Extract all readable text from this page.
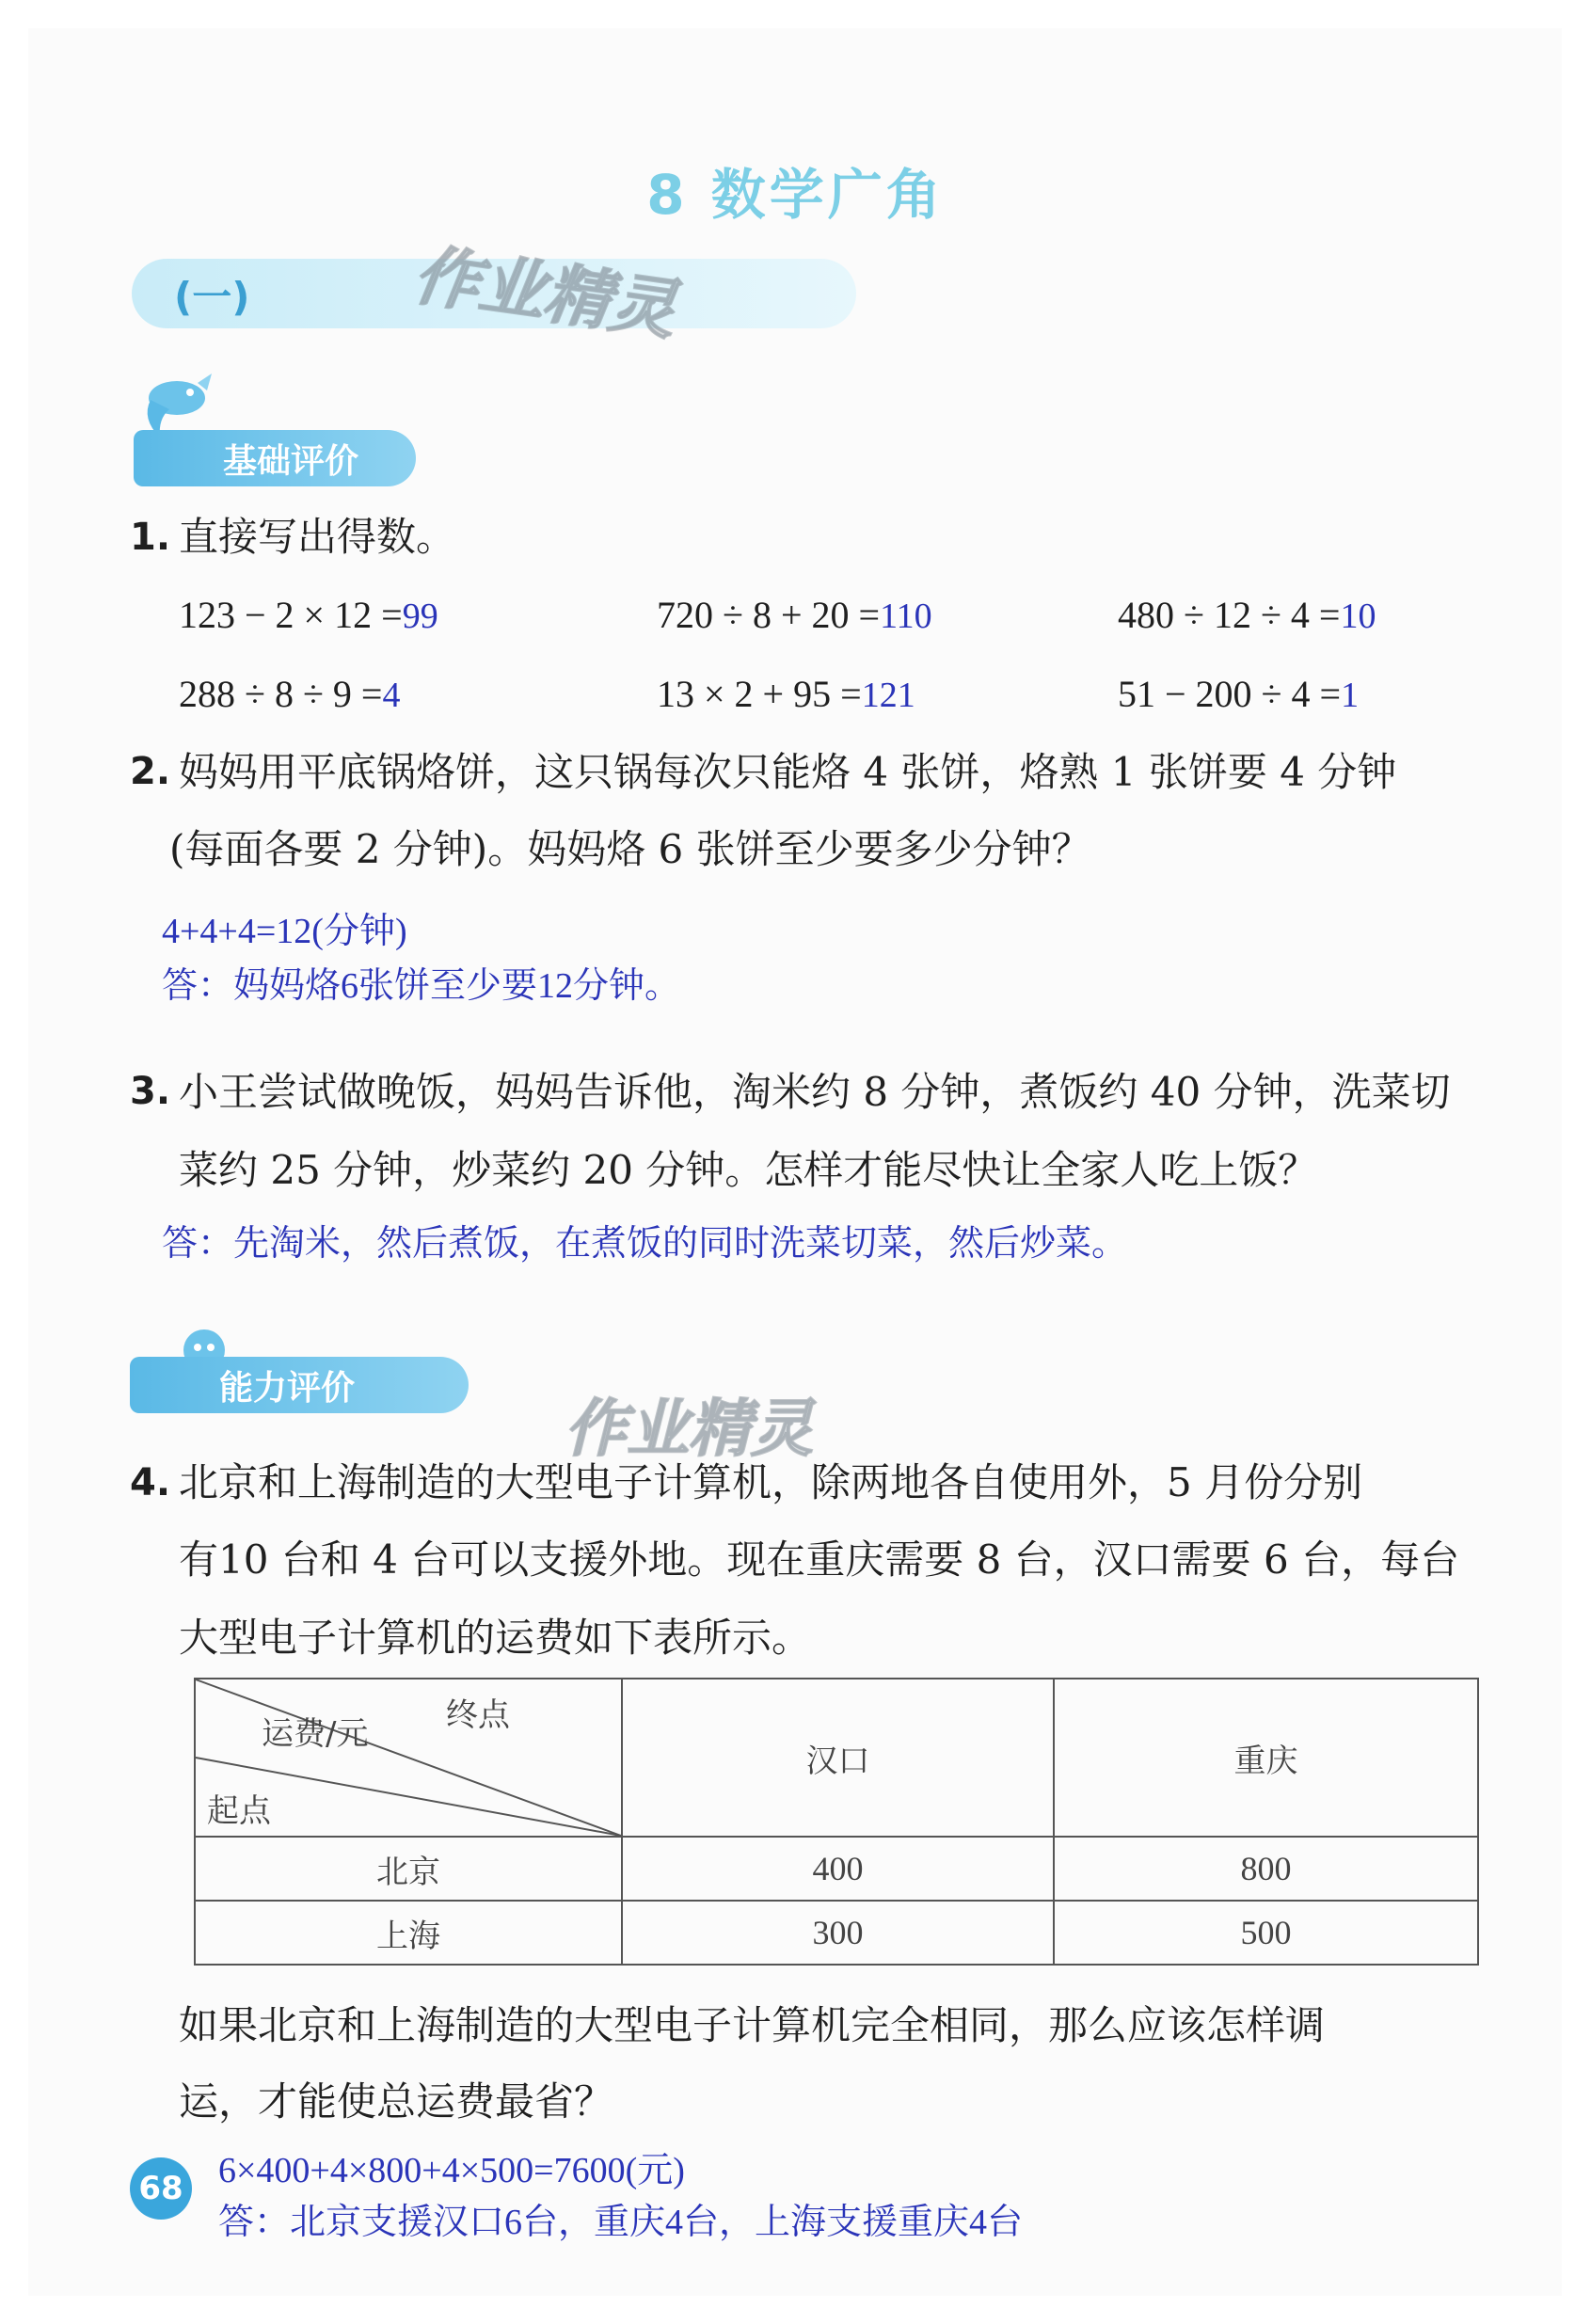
8 数学广角
(一) 作业精灵
基础评价
1. 直接写出得数。
123 − 2 × 12 =99	720 ÷ 8 + 20 =110	480 ÷ 12 ÷ 4 =10
288 ÷ 8 ÷ 9 =4	13 × 2 + 95 =121	51 − 200 ÷ 4 =1
2. 妈妈用平底锅烙饼，这只锅每次只能烙 4 张饼，烙熟 1 张饼要 4 分钟
(每面各要 2 分钟)。妈妈烙 6 张饼至少要多少分钟？
4+4+4=12(分钟)
答：妈妈烙6张饼至少要12分钟。
3. 小王尝试做晚饭，妈妈告诉他，淘米约 8 分钟，煮饭约 40 分钟，洗菜切
菜约 25 分钟，炒菜约 20 分钟。怎样才能尽快让全家人吃上饭？
答：先淘米，然后煮饭，在煮饭的同时洗菜切菜，然后炒菜。
能力评价
作业精灵
4. 北京和上海制造的大型电子计算机，除两地各自使用外，5 月份分别
有10 台和 4 台可以支援外地。现在重庆需要 8 台，汉口需要 6 台，每台
大型电子计算机的运费如下表所示。
终点
运费/元
起点	汉口	重庆
北京	400	800
上海	300	500
如果北京和上海制造的大型电子计算机完全相同，那么应该怎样调
运，才能使总运费最省？
6×400+4×800+4×500=7600(元)
答：北京支援汉口6台，重庆4台，上海支援重庆4台
68
